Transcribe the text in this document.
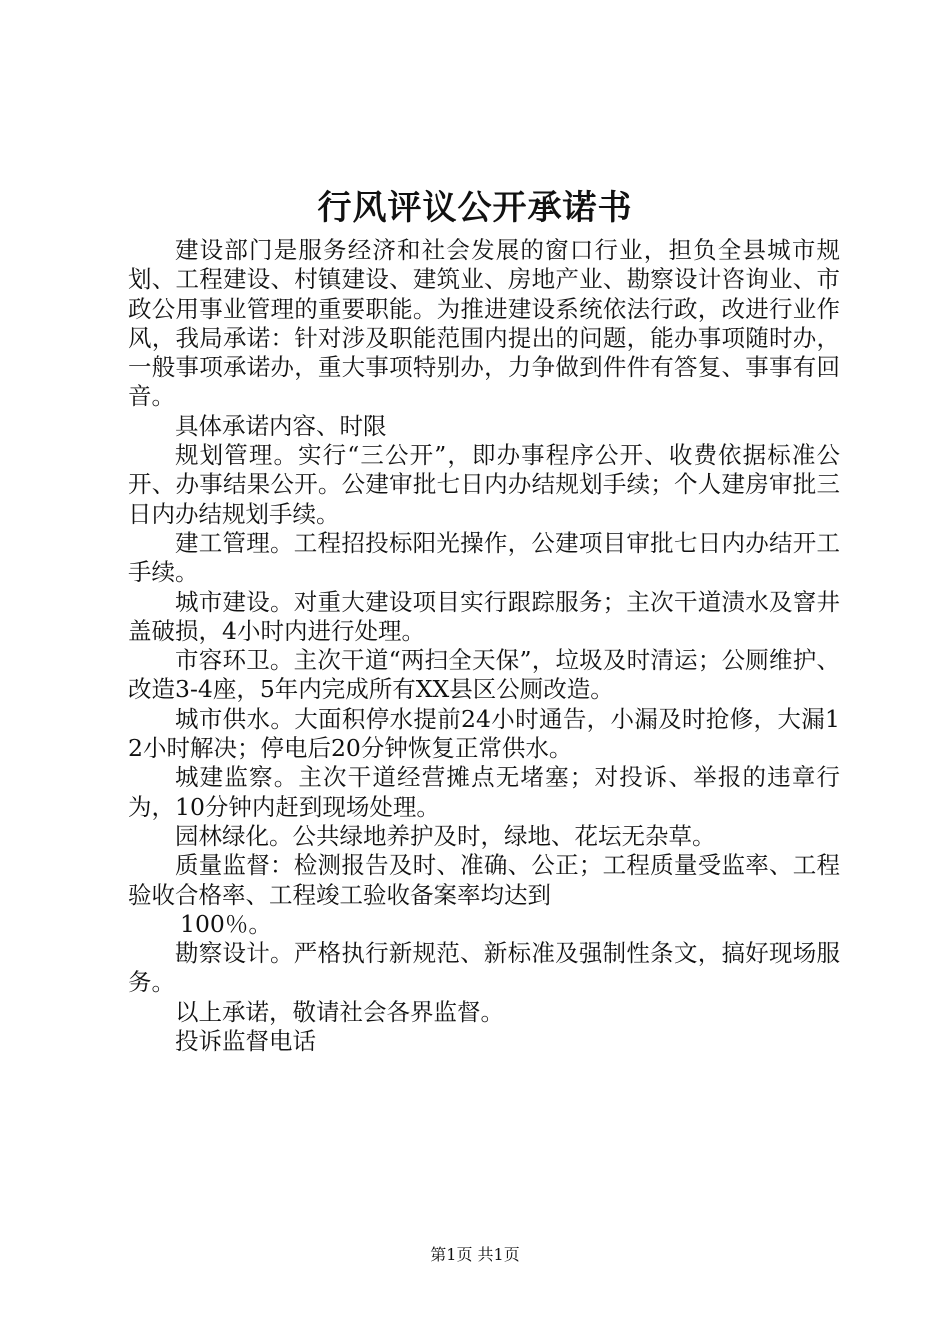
行风评议公开承诺书

建设部门是服务经济和社会发展的窗口行业，担负全县城市规划、工程建设、村镇建设、建筑业、房地产业、勘察设计咨询业、市政公用事业管理的重要职能。为推进建设系统依法行政，改进行业作风，我局承诺：针对涉及职能范围内提出的问题，能办事项随时办，一般事项承诺办，重大事项特别办，力争做到件件有答复、事事有回音。

具体承诺内容、时限

规划管理。实行“三公开”，即办事程序公开、收费依据标准公开、办事结果公开。公建审批七日内办结规划手续；个人建房审批三日内办结规划手续。

建工管理。工程招投标阳光操作，公建项目审批七日内办结开工手续。

城市建设。对重大建设项目实行跟踪服务；主次干道渍水及窨井盖破损，4小时内进行处理。

市容环卫。主次干道“两扫全天保”，垃圾及时清运；公厕维护、改造3-4座，5年内完成所有XX县区公厕改造。

城市供水。大面积停水提前24小时通告，小漏及时抢修，大漏12小时解决；停电后20分钟恢复正常供水。

城建监察。主次干道经营摊点无堵塞；对投诉、举报的违章行为，10分钟内赶到现场处理。

园林绿化。公共绿地养护及时，绿地、花坛无杂草。

质量监督：检测报告及时、准确、公正；工程质量受监率、工程验收合格率、工程竣工验收备案率均达到

100％。

勘察设计。严格执行新规范、新标准及强制性条文，搞好现场服务。

以上承诺，敬请社会各界监督。

投诉监督电话

第1页 共1页
